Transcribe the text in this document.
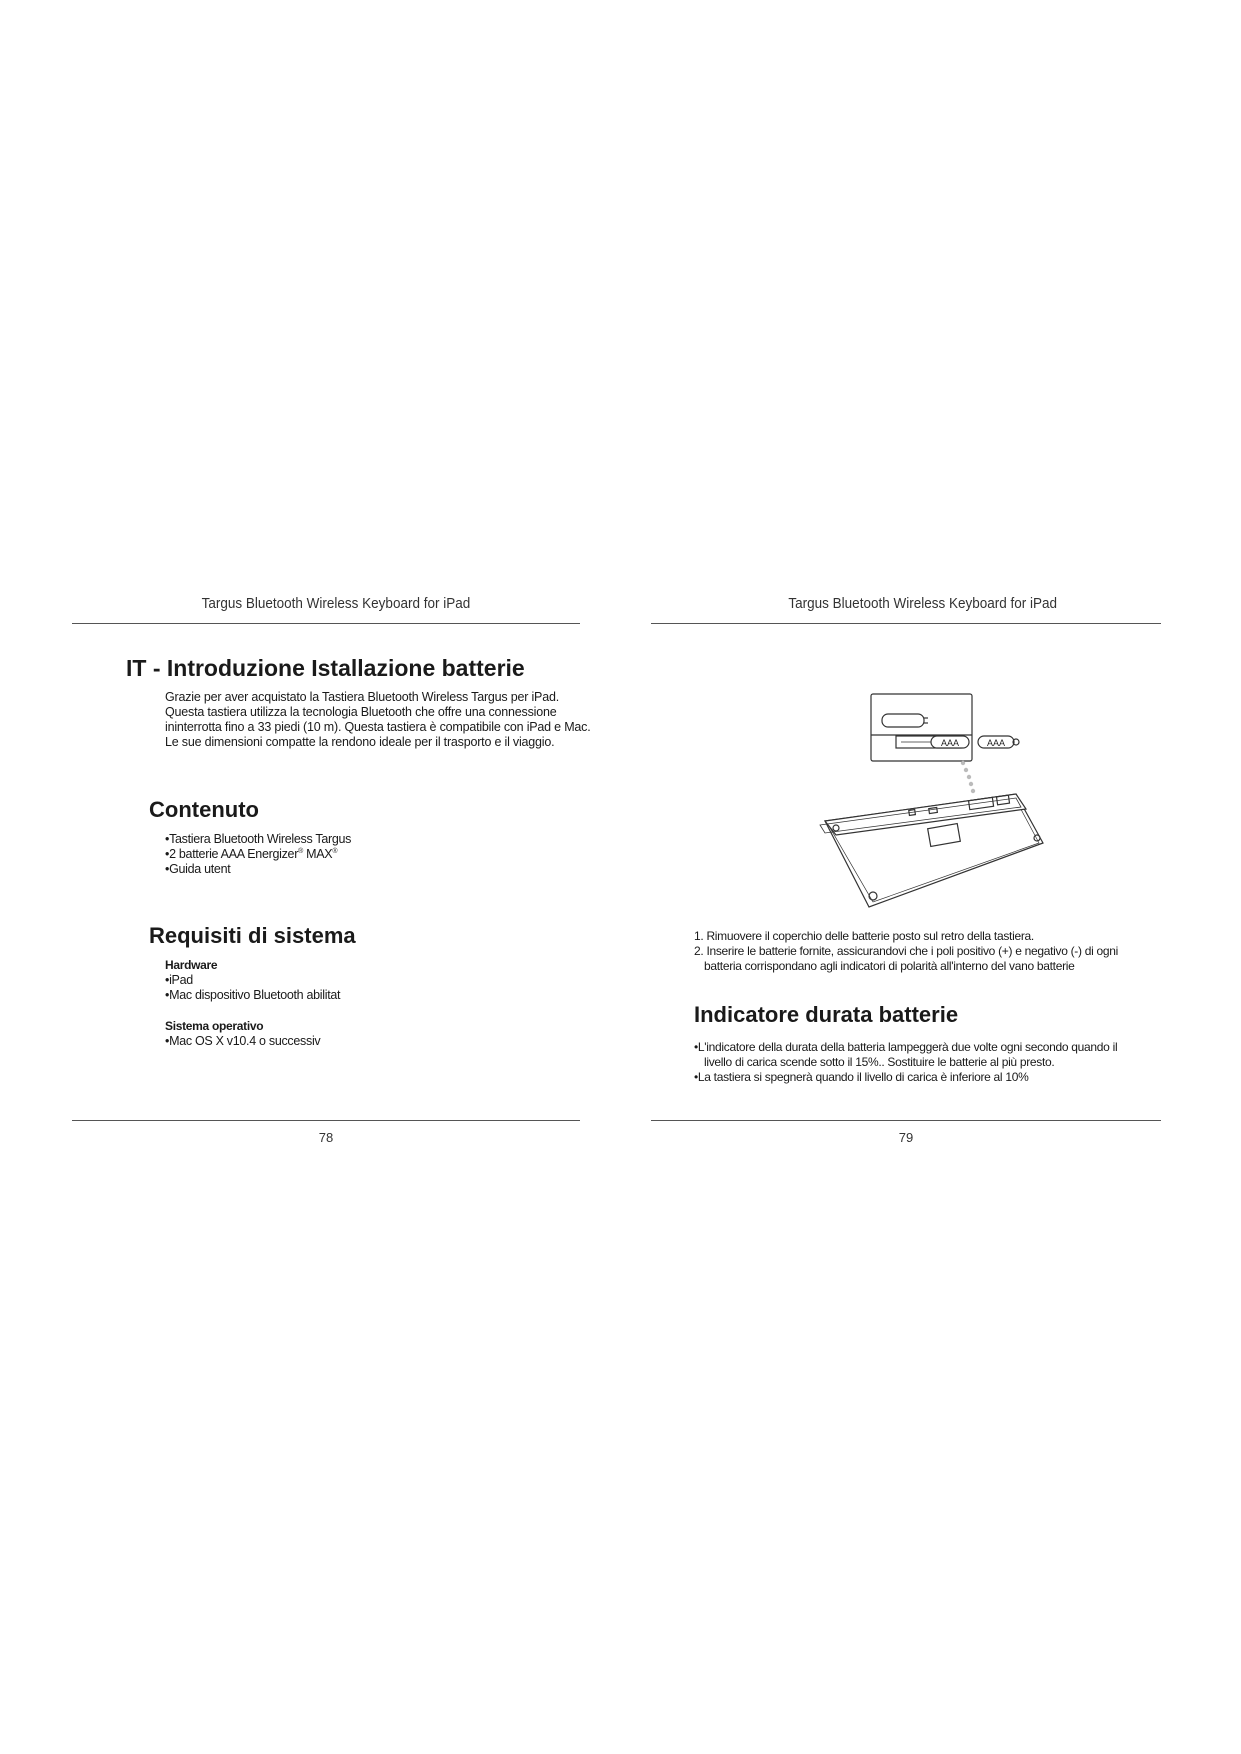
Targus Bluetooth Wireless Keyboard for iPad
IT - Introduzione Istallazione batterie

Grazie per aver acquistato la Tastiera Bluetooth Wireless Targus per iPad.

Questa tastiera utilizza la tecnologia Bluetooth che offre una connessione

ininterrotta fino a 33 piedi (10 m). Questa tastiera è compatibile con iPad e Mac.

Le sue dimensioni compatte la rendono ideale per il trasporto e il viaggio.

Contenuto
•Tastiera Bluetooth Wireless Targus
•2 batterie AAA Energizer® MAX®
•Guida utent
Requisiti di sistema
Hardware
•iPad
•Mac dispositivo Bluetooth abilitat
Sistema operativo
•Mac OS X v10.4 o successiv
78
Targus Bluetooth Wireless Keyboard for iPad
AAA	AAA
1. Rimuovere il coperchio delle batterie posto sul retro della tastiera.
2. Inserire le batterie fornite, assicurandovi che i poli positivo (+) e negativo (-) di ogni batteria corrispondano agli indicatori di polarità all'interno del vano batterie
Indicatore durata batterie
•L'indicatore della durata della batteria lampeggerà due volte ogni secondo quando il livello di carica scende sotto il 15%.. Sostituire le batterie al più presto.
•La tastiera si spegnerà quando il livello di carica è inferiore al 10%
79
